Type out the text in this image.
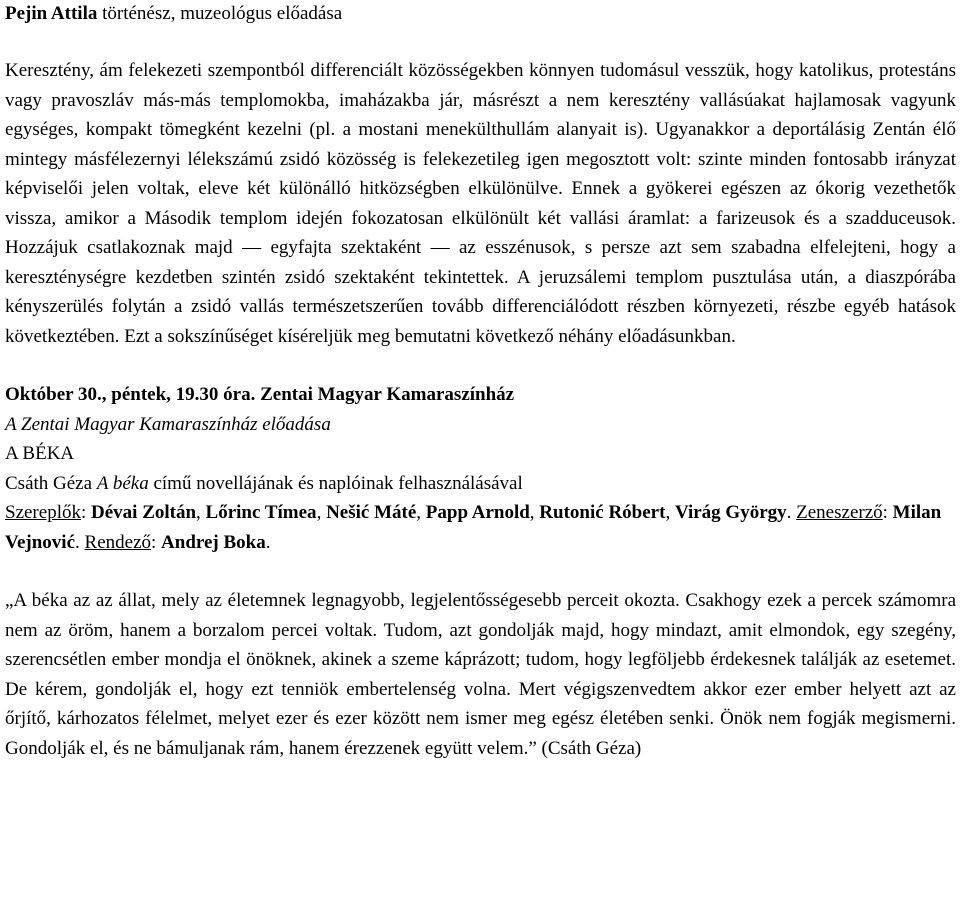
Pejin Attila történész, muzeológus előadása

Keresztény, ám felekezeti szempontból differenciált közösségekben könnyen tudomásul vesszük, hogy katolikus, protestáns vagy pravoszláv más-más templomokba, imaházakba jár, másrészt a nem keresztény vallásúakat hajlamosak vagyunk egységes, kompakt tömegként kezelni (pl. a mostani menekülthullám alanyait is). Ugyanakkor a deportálásig Zentán élő mintegy másfélezernyi lélekszámú zsidó közösség is felekezetileg igen megosztott volt: szinte minden fontosabb irányzat képviselői jelen voltak, eleve két különálló hitközségben elkülönülve. Ennek a gyökerei egészen az ókorig vezethetők vissza, amikor a Második templom idején fokozatosan elkülönült két vallási áramlat: a farizeusok és a szadduceusok. Hozzájuk csatlakoznak majd — egyfajta szektaként — az esszénusok, s persze azt sem szabadna elfelejteni, hogy a kereszténységre kezdetben szintén zsidó szektaként tekintettek. A jeruzsálemi templom pusztulása után, a diaszpórába kényszerülés folytán a zsidó vallás természetszerűen tovább differenciálódott részben környezeti, részbe egyéb hatások következtében. Ezt a sokszínűséget kíséreljük meg bemutatni következő néhány előadásunkban.

Október 30., péntek, 19.30 óra. Zentai Magyar Kamaraszínház

A Zentai Magyar Kamaraszínház előadása

A BÉKA

Csáth Géza A béka című novellájának és naplóinak felhasználásával

Szereplők: Dévai Zoltán, Lőrinc Tímea, Nešić Máté, Papp Arnold, Rutonić Róbert, Virág György. Zeneszerző: Milan Vejnović. Rendező: Andrej Boka.

„A béka az az állat, mely az életemnek legnagyobb, legjelentősségesebb perceit okozta. Csakhogy ezek a percek számomra nem az öröm, hanem a borzalom percei voltak. Tudom, azt gondolják majd, hogy mindazt, amit elmondok, egy szegény, szerencsétlen ember mondja el önöknek, akinek a szeme káprázott; tudom, hogy legföljebb érdekesnek találják az esetemet. De kérem, gondolják el, hogy ezt tenniök embertelenség volna. Mert végigszenvedtem akkor ezer ember helyett azt az őrjítő, kárhozatos félelmet, melyet ezer és ezer között nem ismer meg egész életében senki. Önök nem fogják megismerni. Gondolják el, és ne bámuljanak rám, hanem érezzenek együtt velem.” (Csáth Géza)
